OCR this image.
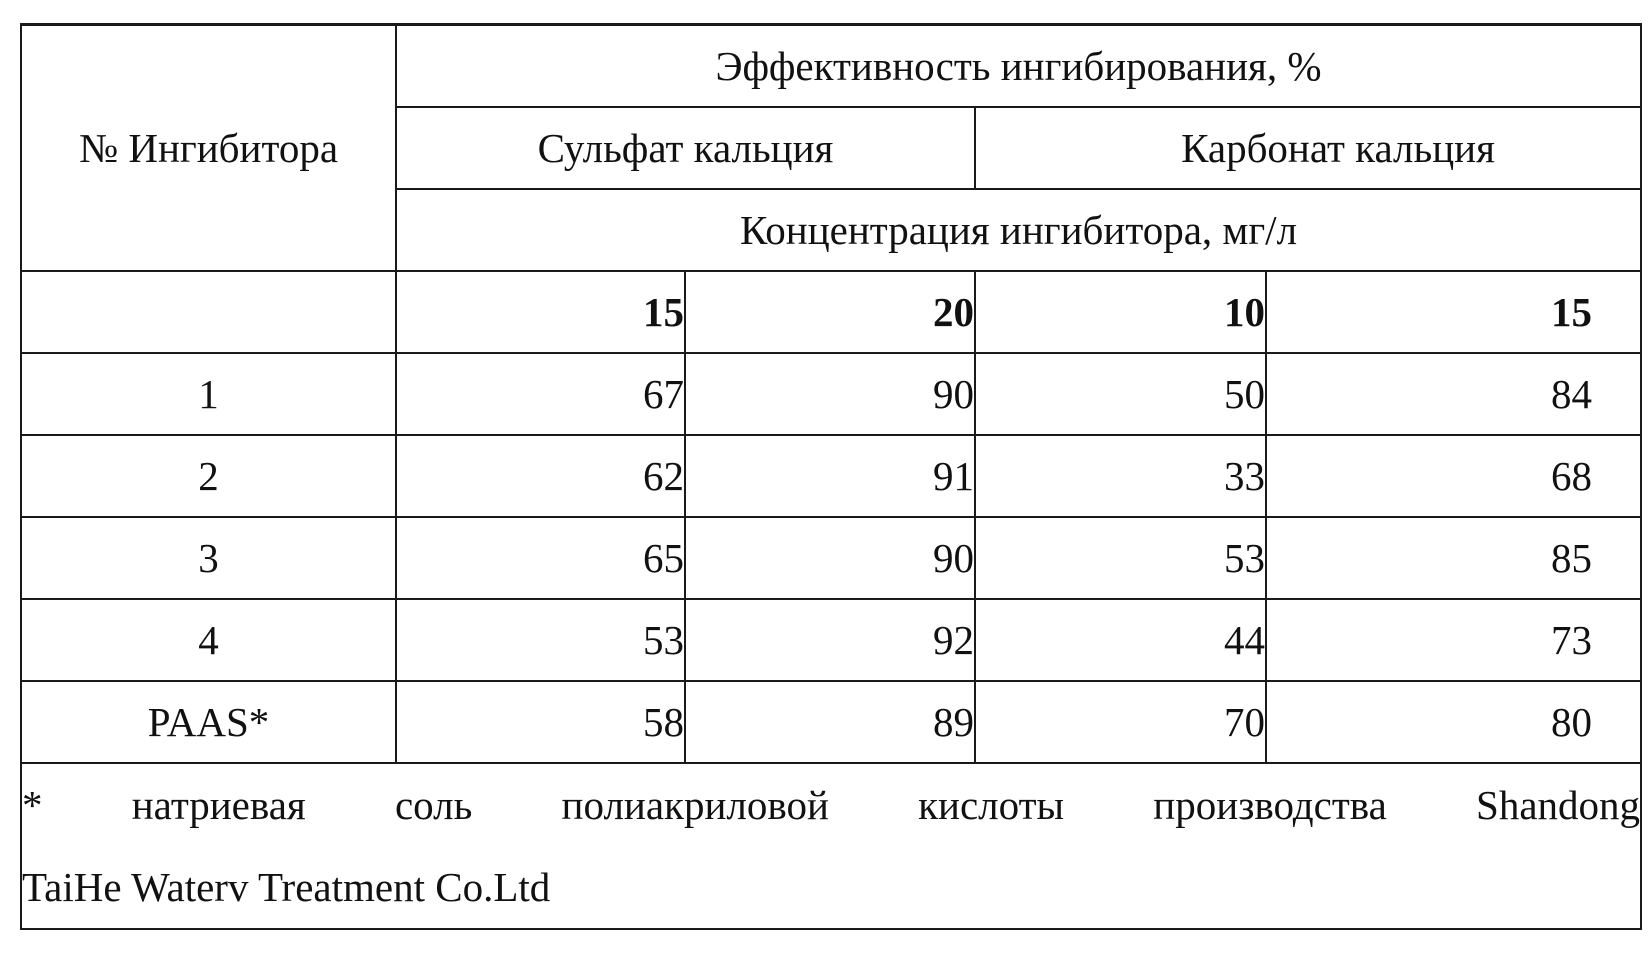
№ Ингибитора	Эффективность ингибирования, %			
	Сульфат кальция		Карбонат кальция	
	Концентрация ингибитора, мг/л			
	15	20	10	15
1	67	90	50	84
2	62	91	33	68
3	65	90	53	85
4	53	92	44	73
PAAS*	58	89	70	80

* натриевая соль полиакриловой кислоты производства Shandong
TaiHe Waterv Treatment Co.Ltd				
